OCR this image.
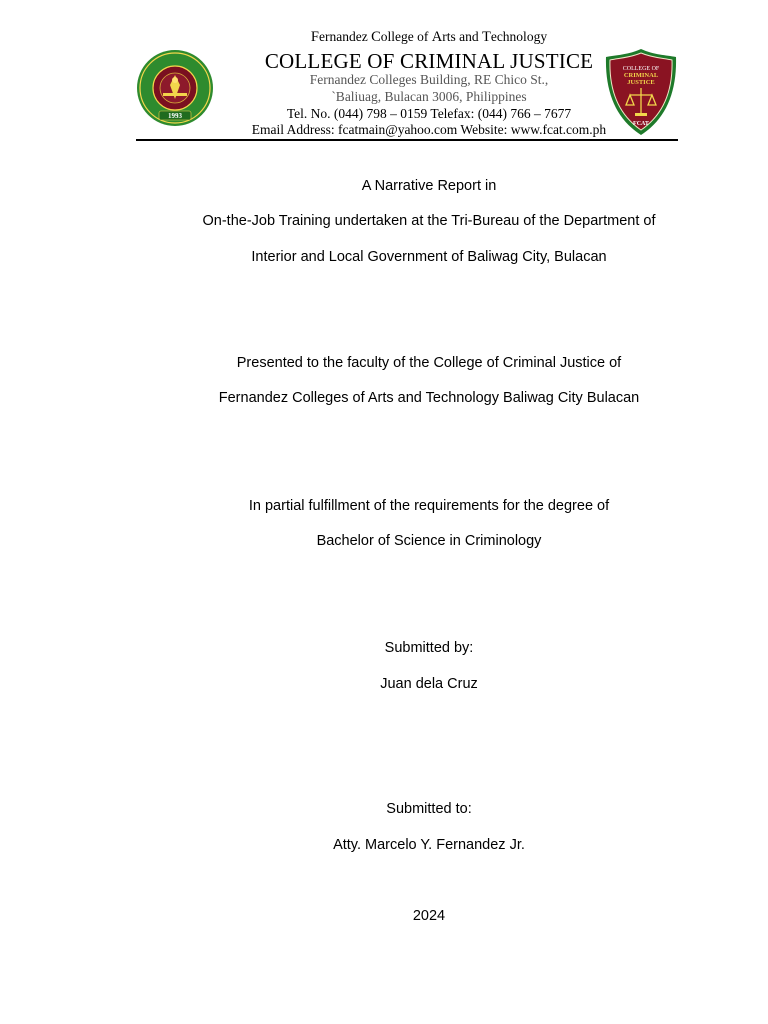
1993
COLLEGE OF
CRIMINAL
JUSTICE
FCAT
Fernandez College of Arts and Technology
COLLEGE OF CRIMINAL JUSTICE
Fernandez Colleges Building, RE Chico St.,
`Baliuag, Bulacan 3006, Philippines
Tel. No. (044) 798 – 0159 Telefax: (044) 766 – 7677
Email Address: fcatmain@yahoo.com Website: www.fcat.com.ph
A Narrative Report in
On-the-Job Training undertaken at the Tri-Bureau of the Department of
Interior and Local Government of Baliwag City, Bulacan
Presented to the faculty of the College of Criminal Justice of
Fernandez Colleges of Arts and Technology Baliwag City Bulacan
In partial fulfillment of the requirements for the degree of
Bachelor of Science in Criminology
Submitted by:
Juan dela Cruz
Submitted to:
Atty. Marcelo Y. Fernandez Jr.
2024
